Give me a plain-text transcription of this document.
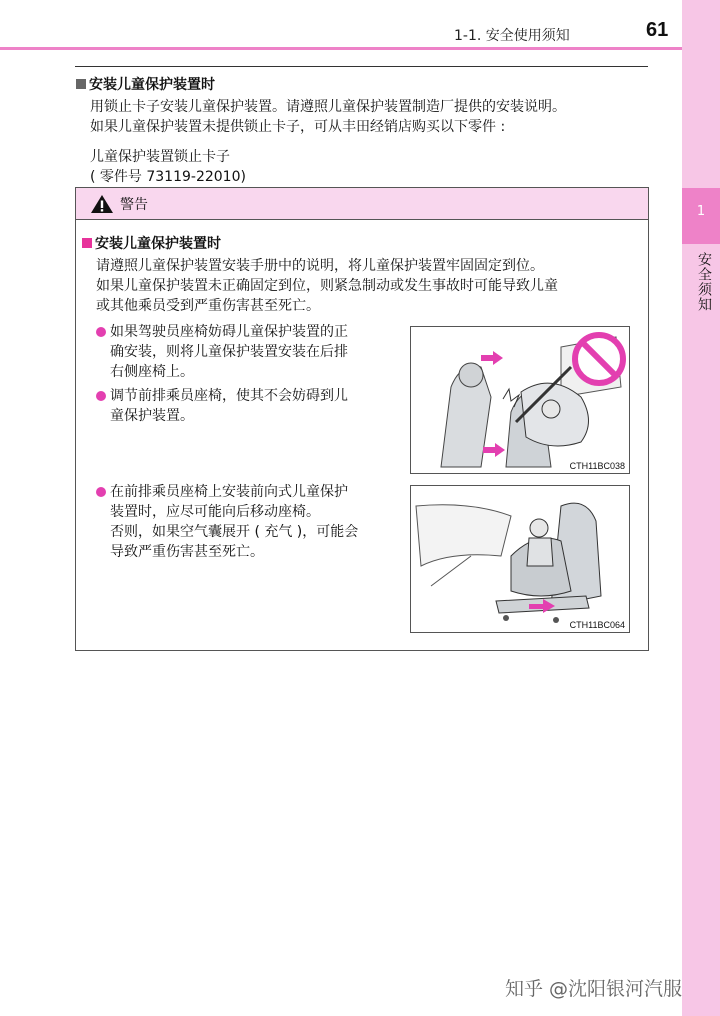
1-1. 安全使用须知	61
1
安全须知

安装儿童保护装置时

用锁止卡子安装儿童保护装置。请遵照儿童保护装置制造厂提供的安装说明。

如果儿童保护装置未提供锁止卡子，可从丰田经销店购买以下零件 :

儿童保护装置锁止卡子

( 零件号 73119-22010)

警告

安装儿童保护装置时

请遵照儿童保护装置安装手册中的说明，将儿童保护装置牢固固定到位。

如果儿童保护装置未正确固定到位，则紧急制动或发生事故时可能导致儿童

或其他乘员受到严重伤害甚至死亡。

如果驾驶员座椅妨碍儿童保护装置的正
确安装，则将儿童保护装置安装在后排
右侧座椅上。
调节前排乘员座椅，使其不会妨碍到儿
童保护装置。
在前排乘员座椅上安装前向式儿童保护
装置时，应尽可能向后移动座椅。
否则，如果空气囊展开 ( 充气 )，可能会
导致严重伤害甚至死亡。
CTH11BC038
CTH11BC064
知乎 @沈阳银河汽服
